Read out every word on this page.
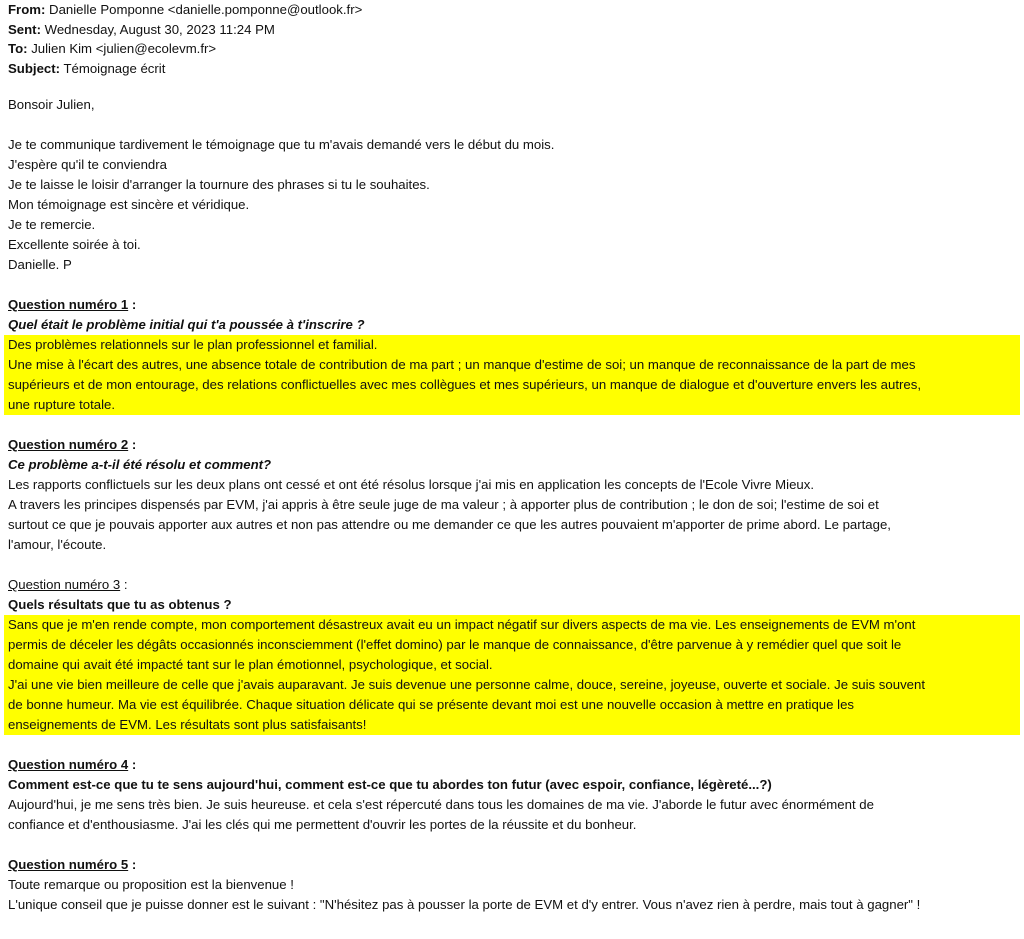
From: Danielle Pomponne <danielle.pomponne@outlook.fr>
Sent: Wednesday, August 30, 2023 11:24 PM
To: Julien Kim <julien@ecolevm.fr>
Subject: Témoignage écrit
Bonsoir Julien,
Je te communique tardivement le témoignage que tu m'avais demandé vers le début du mois.
J'espère qu'il te conviendra
Je te laisse le loisir d'arranger la tournure des phrases si tu le souhaites.
Mon témoignage est sincère et véridique.
Je te remercie.
Excellente soirée à toi.
Danielle. P
Question numéro 1 :
Quel était le problème initial qui t'a poussée à t'inscrire ?
Des problèmes relationnels sur le plan professionnel et familial.
Une mise à l'écart des autres, une absence totale de contribution de ma part ; un manque d'estime de soi; un manque de reconnaissance de la part de mes
supérieurs et de mon entourage, des relations conflictuelles avec mes collègues et mes supérieurs, un manque de dialogue et d'ouverture envers les autres,
une rupture totale.
Question numéro 2 :
Ce problème a-t-il été résolu et comment?
Les rapports conflictuels sur les deux plans ont cessé et ont été résolus lorsque j'ai mis en application les concepts de l'Ecole Vivre Mieux.
A travers les principes dispensés par EVM, j'ai appris à être seule juge de ma valeur ; à apporter plus de contribution ; le don de soi; l'estime de soi et
surtout ce que je pouvais apporter aux autres et non pas attendre ou me demander ce que les autres pouvaient m'apporter de prime abord. Le partage,
l'amour, l'écoute.
Question numéro 3 :
Quels résultats que tu as obtenus ?
Sans que je m'en rende compte, mon comportement désastreux avait eu un impact négatif sur divers aspects de ma vie. Les enseignements de EVM m'ont
permis de déceler les dégâts occasionnés inconsciemment (l'effet domino) par le manque de connaissance, d'être parvenue à y remédier quel que soit le
domaine qui avait été impacté tant sur le plan émotionnel, psychologique, et social.
J'ai une vie bien meilleure de celle que j'avais auparavant. Je suis devenue une personne calme, douce, sereine, joyeuse, ouverte et sociale. Je suis souvent
de bonne humeur. Ma vie est équilibrée. Chaque situation délicate qui se présente devant moi est une nouvelle occasion à mettre en pratique les
enseignements de EVM. Les résultats sont plus satisfaisants!
Question numéro 4 :
Comment est-ce que tu te sens aujourd'hui, comment est-ce que tu abordes ton futur (avec espoir, confiance, légèreté...?)
Aujourd'hui, je me sens très bien. Je suis heureuse. et cela s'est répercuté dans tous les domaines de ma vie. J'aborde le futur avec énormément de
confiance et d'enthousiasme. J'ai les clés qui me permettent d'ouvrir les portes de la réussite et du bonheur.
Question numéro 5 :
Toute remarque ou proposition est la bienvenue !
L'unique conseil que je puisse donner est le suivant : "N'hésitez pas à pousser la porte de EVM et d'y entrer. Vous n'avez rien à perdre, mais tout à gagner" !
